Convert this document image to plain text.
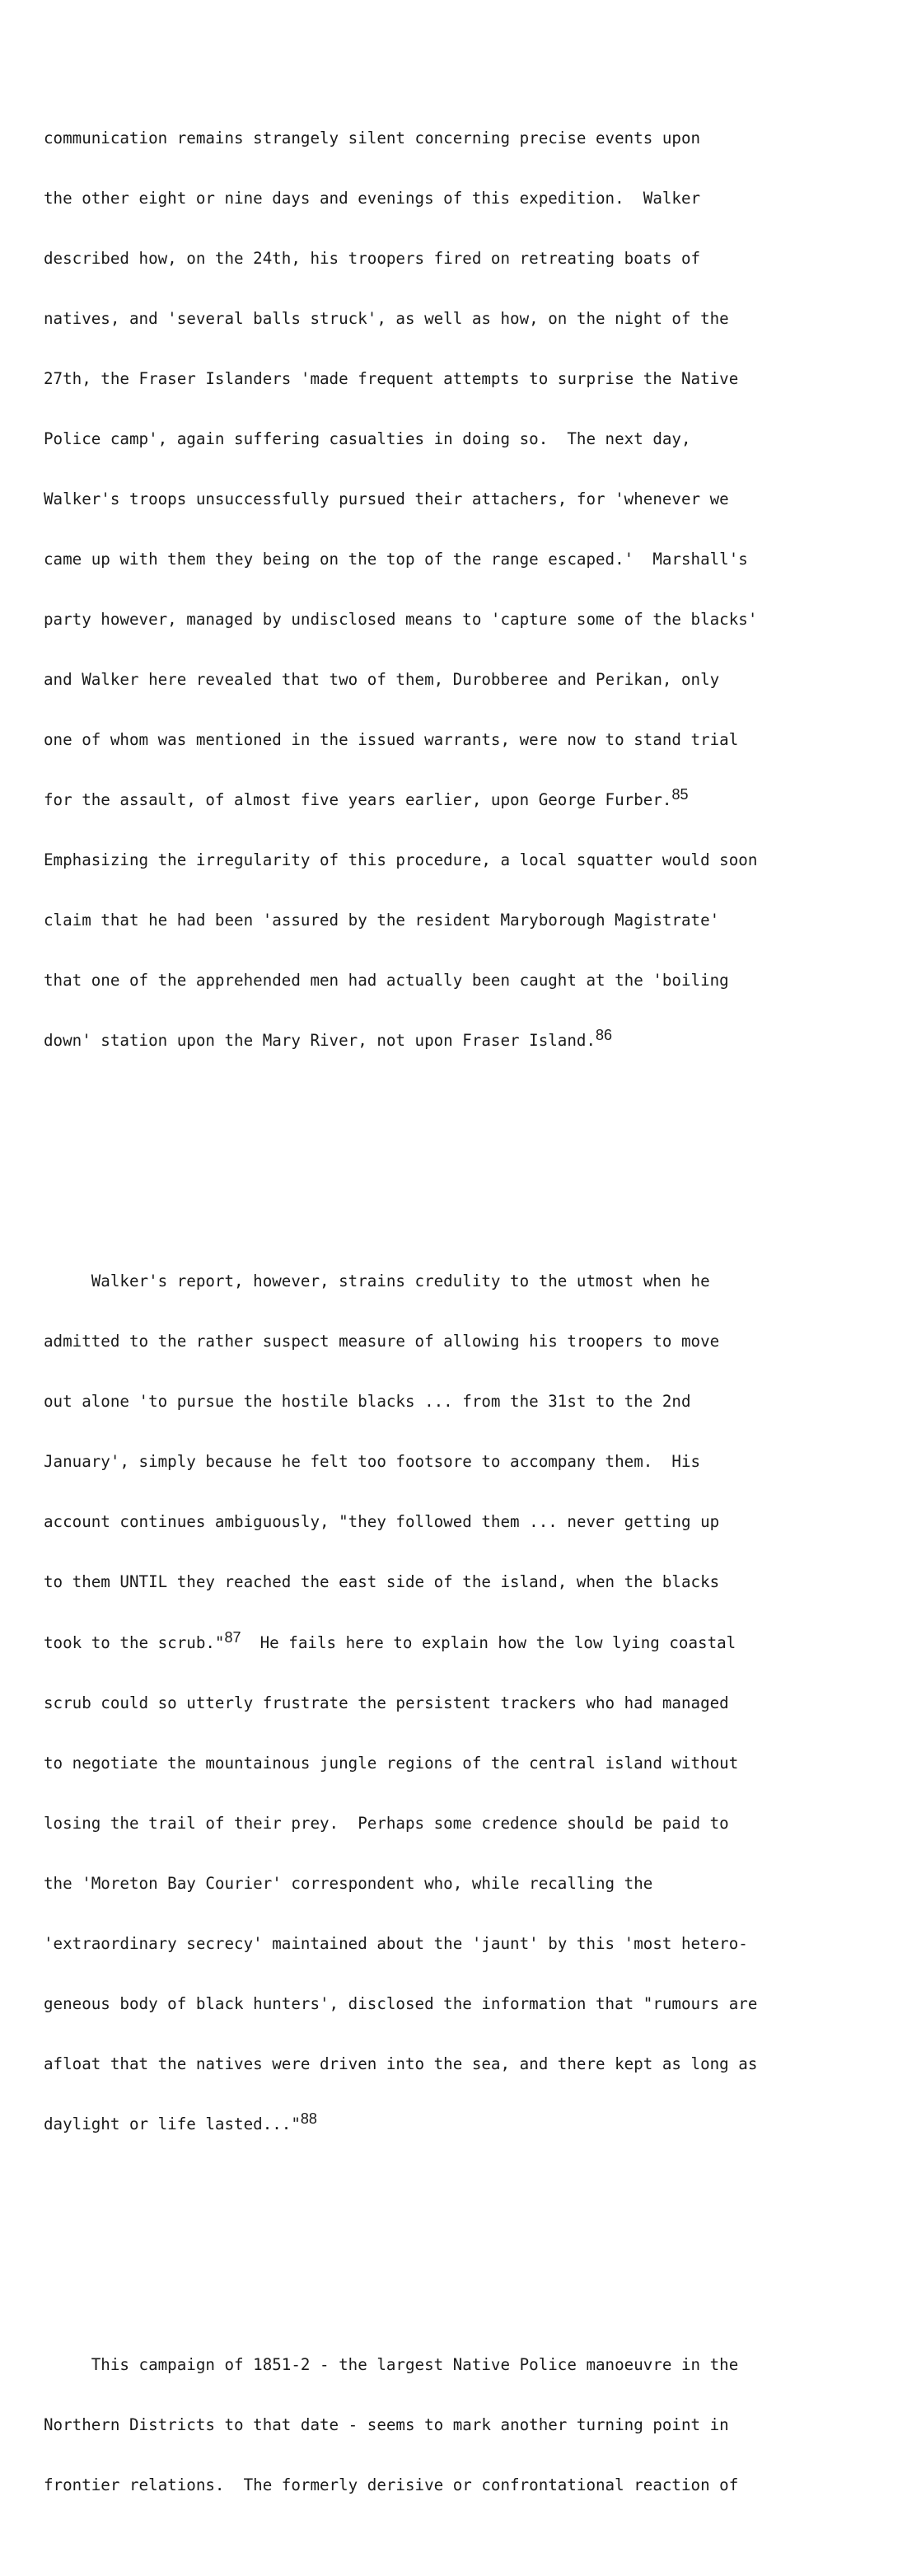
communication remains strangely silent concerning precise events upon

the other eight or nine days and evenings of this expedition.  Walker

described how, on the 24th, his troopers fired on retreating boats of

natives, and 'several balls struck', as well as how, on the night of the

27th, the Fraser Islanders 'made frequent attempts to surprise the Native

Police camp', again suffering casualties in doing so.  The next day,

Walker's troops unsuccessfully pursued their attachers, for 'whenever we

came up with them they being on the top of the range escaped.'  Marshall's

party however, managed by undisclosed means to 'capture some of the blacks'

and Walker here revealed that two of them, Durobberee and Perikan, only

one of whom was mentioned in the issued warrants, were now to stand trial

for the assault, of almost five years earlier, upon George Furber.85

Emphasizing the irregularity of this procedure, a local squatter would soon

claim that he had been 'assured by the resident Maryborough Magistrate'

that one of the apprehended men had actually been caught at the 'boiling

down' station upon the Mary River, not upon Fraser Island.86

Walker's report, however, strains credulity to the utmost when he

admitted to the rather suspect measure of allowing his troopers to move

out alone 'to pursue the hostile blacks ... from the 31st to the 2nd

January', simply because he felt too footsore to accompany them.  His

account continues ambiguously, "they followed them ... never getting up

to them UNTIL they reached the east side of the island, when the blacks

took to the scrub."87  He fails here to explain how the low lying coastal

scrub could so utterly frustrate the persistent trackers who had managed

to negotiate the mountainous jungle regions of the central island without

losing the trail of their prey.  Perhaps some credence should be paid to

the 'Moreton Bay Courier' correspondent who, while recalling the

'extraordinary secrecy' maintained about the 'jaunt' by this 'most hetero-

geneous body of black hunters', disclosed the information that "rumours are

afloat that the natives were driven into the sea, and there kept as long as

daylight or life lasted..."88

This campaign of 1851-2 - the largest Native Police manoeuvre in the

Northern Districts to that date - seems to mark another turning point in

frontier relations.  The formerly derisive or confrontational reaction of
